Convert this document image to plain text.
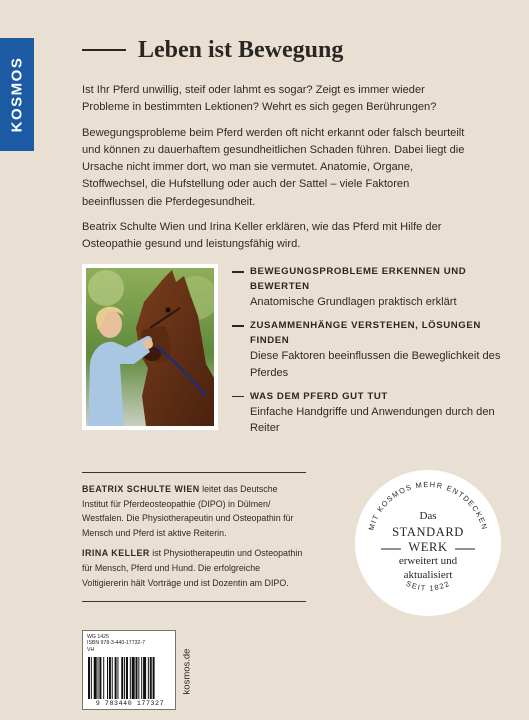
KOSMOS
Leben ist Bewegung

Ist Ihr Pferd unwillig, steif oder lahmt es sogar? Zeigt es immer wieder Probleme in bestimmten Lektionen? Wehrt es sich gegen Berührungen?

Bewegungsprobleme beim Pferd werden oft nicht erkannt oder falsch beurteilt und können zu dauerhaftem gesundheitlichen Schaden führen. Dabei liegt die Ursache nicht immer dort, wo man sie vermutet. Anatomie, Organe, Stoffwechsel, die Hufstellung oder auch der Sattel – viele Faktoren beeinflussen die Pferdegesundheit.

Beatrix Schulte Wien und Irina Keller erklären, wie das Pferd mit Hilfe der Osteopathie gesund und leistungsfähig wird.

BEWEGUNGSPROBLEME ERKENNEN UND BEWERTEN
Anatomische Grundlagen praktisch erklärt
ZUSAMMENHÄNGE VERSTEHEN, LÖSUNGEN FINDEN
Diese Faktoren beeinflussen die Beweglichkeit des Pferdes
WAS DEM PFERD GUT TUT
Einfache Handgriffe und Anwendungen durch den Reiter

BEATRIX SCHULTE WIEN leitet das Deutsche Institut für Pferdeosteopathie (DIPO) in Dülmen/ Westfalen. Die Physiotherapeutin und Osteopathin für Mensch und Pferd ist aktive Reiterin.

IRINA KELLER ist Physiotherapeutin und Osteopathin für Mensch, Pferd und Hund. Die erfolgreiche Voltigiererin hält Vorträge und ist Dozentin am DIPO.

MIT KOSMOS MEHR ENTDECKEN
SEIT 1822
Das
STANDARD
WERK
erweitert und
aktualisiert
WG 1425
ISBN 978-3-440-17732-7
VH
9 783440 177327
kosmos.de
